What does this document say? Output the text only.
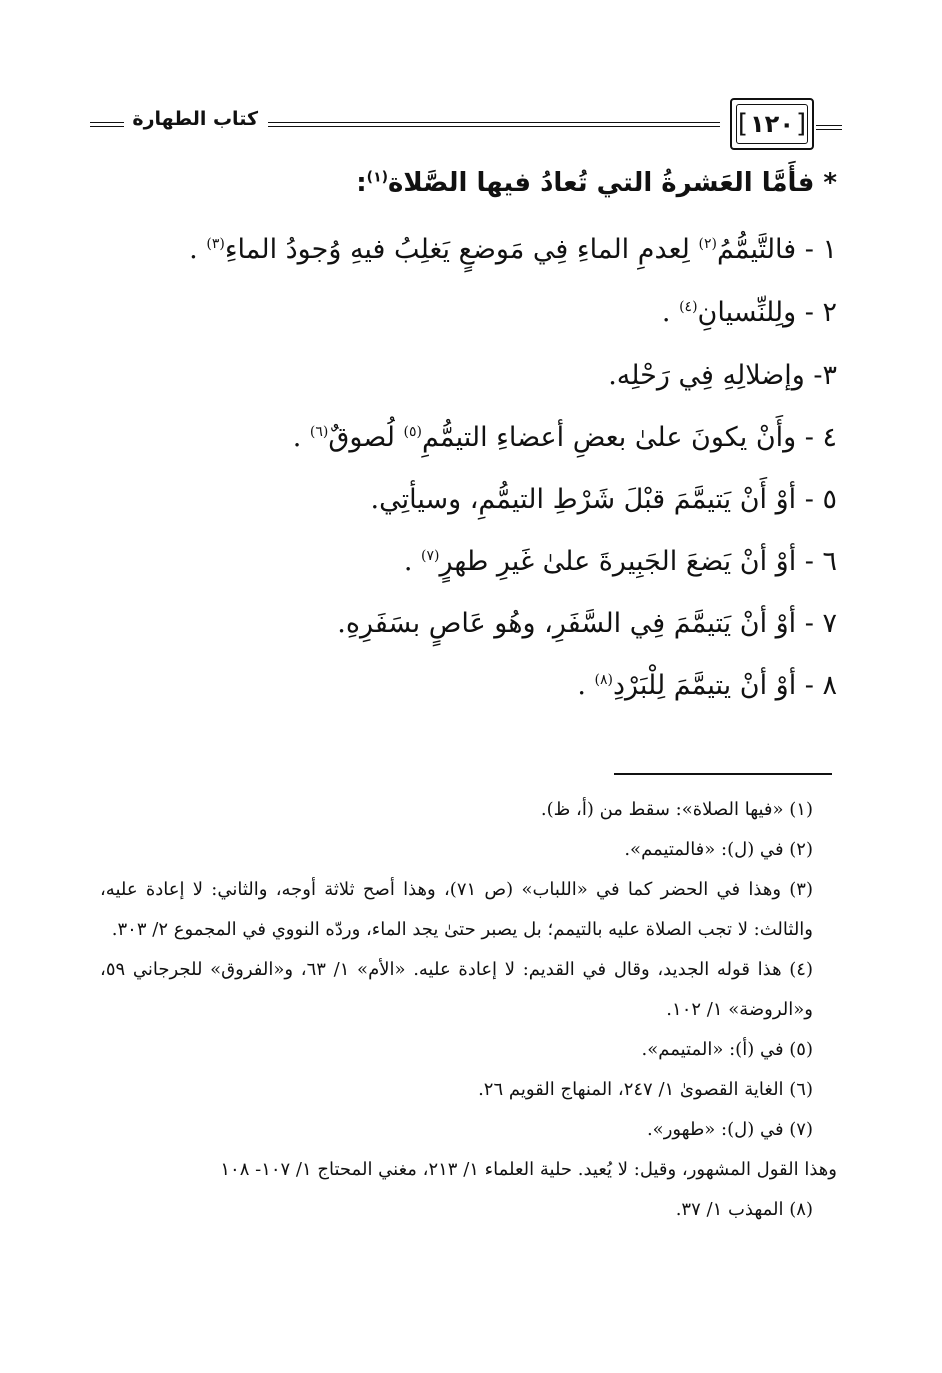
[
١٢٠
]
كتاب الطهارة
* فأَمَّا العَشرةُ التي تُعادُ فيها الصَّلاة$^{(١)}$:
١ - فالتَّيمُّمُ$^{(٢)}$ لِعدمِ الماءِ فِي مَوضعٍ يَغلِبُ فيهِ وُجودُ الماءِ$^{(٣)}$ .
٢ - ولِلنِّسيانِ$^{(٤)}$ .
٣- وإضلالِهِ فِي رَحْلِه.
٤ - وأَنْ يكونَ علىٰ بعضِ أعضاءِ التيمُّمِ$^{(٥)}$ لُصوقٌ$^{(٦)}$ .
٥ - أوْ أَنْ يَتيمَّمَ قبْلَ شَرْطِ التيمُّمِ، وسيأتِي.
٦ - أوْ أنْ يَضعَ الجَبِيرةَ علىٰ غَيرِ طهرٍ$^{(٧)}$ .
٧ - أوْ أنْ يَتيمَّمَ فِي السَّفَرِ، وهُو عَاصٍ بسَفَرِهِ.
٨ - أوْ أنْ يتيمَّمَ لِلْبَرْدِ$^{(٨)}$ .
(١) «فيها الصلاة»: سقط من (أ، ظ).
(٢) في (ل): «فالمتيمم».
(٣) وهذا في الحضر كما في «اللباب» (ص ٧١)، وهذا أصح ثلاثة أوجه، والثاني: لا إعادة عليه، والثالث: لا تجب الصلاة عليه بالتيمم؛ بل يصبر حتىٰ يجد الماء، وردّه النووي في المجموع ٢/ ٣٠٣.
(٤) هذا قوله الجديد، وقال في القديم: لا إعادة عليه. «الأم» ١/ ٦٣، و«الفروق» للجرجاني ٥٩، و«الروضة» ١/ ١٠٢.
(٥) في (أ): «المتيمم».
(٦) الغاية القصوىٰ ١/ ٢٤٧، المنهاج القويم ٢٦.
(٧) في (ل): «طهور».
وهذا القول المشهور، وقيل: لا يُعيد. حلية العلماء ١/ ٢١٣، مغني المحتاج ١/ ١٠٧- ١٠٨
(٨) المهذب ١/ ٣٧.
